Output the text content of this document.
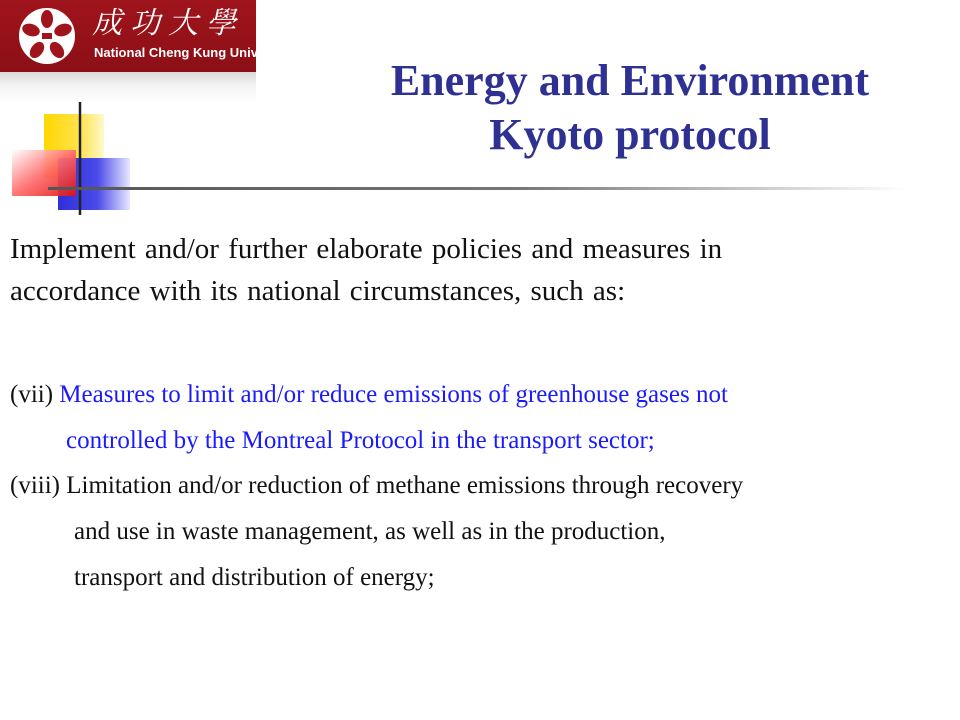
成功大學
National Cheng Kung University
Energy and Environment
Kyoto protocol
Implement and/or further elaborate policies and measures in
accordance with its national circumstances, such as:
(vii) Measures to limit and/or reduce emissions of greenhouse gases not
controlled by the Montreal Protocol in the transport sector;
(viii) Limitation and/or reduction of methane emissions through recovery
and use in waste management, as well as in the production,
transport and distribution of energy;
